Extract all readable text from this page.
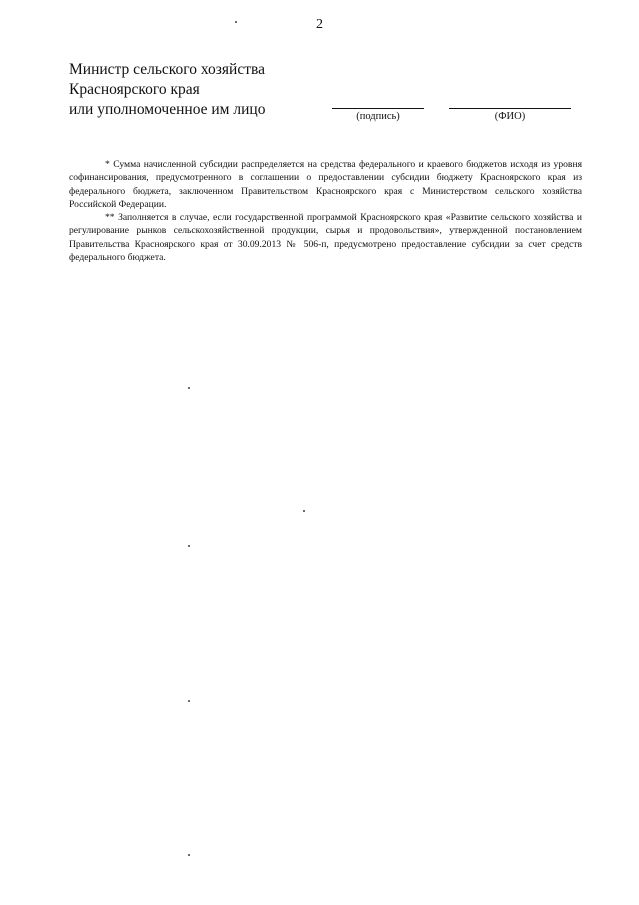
2
Министр сельского хозяйства
Красноярского края
или уполномоченное им лицо	(подпись)	(ФИО)

* Сумма начисленной субсидии распределяется на средства федерального и краевого бюджетов исходя из уровня софинансирования, предусмотренного в соглашении о предоставлении субсидии бюджету Красноярского края из федерального бюджета, заключенном Правительством Красноярского края с Министерством сельского хозяйства Российской Федерации.

** Заполняется в случае, если государственной программой Красноярского края «Развитие сельского хозяйства и регулирование рынков сельскохозяйственной продукции, сырья и продовольствия», утвержденной постановлением Правительства Красноярского края от 30.09.2013 № 506-п, предусмотрено предоставление субсидии за счет средств федерального бюджета.
